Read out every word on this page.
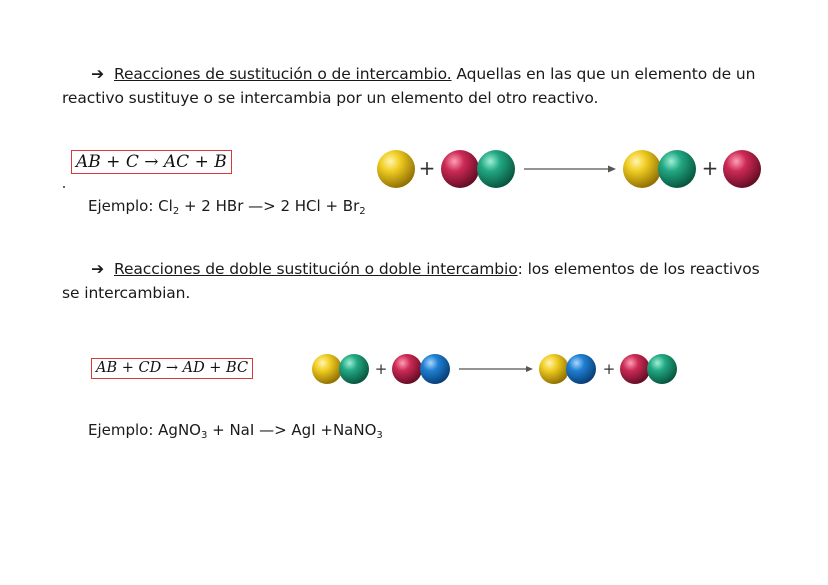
➔ Reacciones de sustitución o de intercambio. Aquellas en las que un elemento de un reactivo sustituye o se intercambia por un elemento del otro reactivo.
AB + C → AC + B	+	+
Ejemplo: $Cl_2 + 2$ HBr —> 2 HCl + $Br_2$
➔ Reacciones de doble sustitución o doble intercambio: los elementos de los reactivos se intercambian.
AB + CD → AD + BC	+	+
Ejemplo: AgNO$_3$ + NaI —> AgI +NaNO$_3$
